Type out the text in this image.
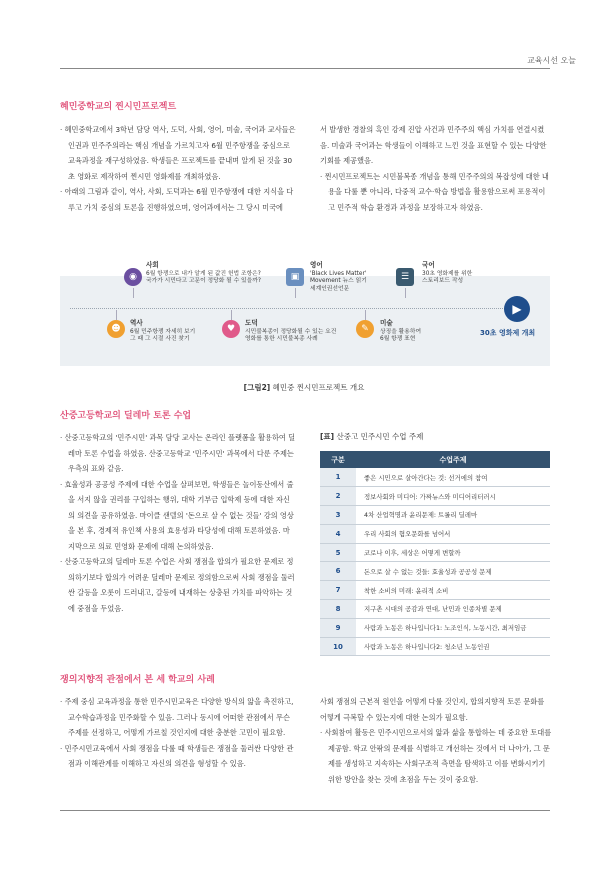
교육시선 오늘
혜민중학교의 찐시민프로젝트

· 혜민중학교에서 3학년 담당 역사, 도덕, 사회, 영어, 미술, 국어과 교사들은 인권과 민주주의라는 핵심 개념을 가르치고자 6월 민주항쟁을 중심으로 교육과정을 재구성하였음. 학생들은 프로젝트를 끝내며 알게 된 것을 30초 영화로 제작하여 찐시민 영화제를 개최하였음.

· 아래의 그림과 같이, 역사, 사회, 도덕과는 6월 민주항쟁에 대한 지식을 다루고 가치 중심의 토론을 진행하였으며, 영어과에서는 그 당시 미국에

서 발생한 경찰의 흑인 강제 진압 사건과 민주주의 핵심 가치를 연결시켰음. 미술과 국어과는 학생들이 이해하고 느낀 것을 표현할 수 있는 다양한 기회를 제공했음.

· 찐시민프로젝트는 시민불복종 개념을 통해 민주주의의 복잡성에 대한 내용을 다룰 뿐 아니라, 다중적 교수·학습 방법을 활용함으로써 포용적이고 민주적 학습 환경과 과정을 보장하고자 하였음.

◉
사회
6월 항쟁으로 내가 알게 된 값진 헌법 조항은?
국가가 시민다고 고문이 정당화 될 수 있을까?
☻
역사
6월 민주항쟁 자세히 보기
그 때 그 시절 사진 찾기
♥
도덕
시민불복종이 정당화될 수 있는 요건
영화를 통한 시민불복종 사례
▣
영어
'Black Lives Matter'
Movement 뉴스 읽기
세계인권선언문
✎
미술
상징을 활용하여
6월 항쟁 표현
☰
국어
30초 영화제를 위한
스토리보드 작성
▶
30초 영화제 개최
[그림2] 혜민중 찐시민프로젝트 개요
산중고등학교의 딜레마 토론 수업

· 산중고등학교의 '민주시민' 과목 담당 교사는 온라인 플랫폼을 활용하여 딜레마 토론 수업을 하였음. 산중고등학교 '민주시민' 과목에서 다룬 주제는 우측의 표와 같음.

· 효율성과 공공성 주제에 대한 수업을 살펴보면, 학생들은 놀이동산에서 줄을 서지 않을 권리를 구입하는 행위, 대학 기부금 입학제 등에 대한 자신의 의견을 공유하였음. 마이클 샌델의 '돈으로 살 수 없는 것들' 강의 영상을 본 후, 경제적 유인책 사용의 효용성과 타당성에 대해 토론하였음. 마지막으로 의료 민영화 문제에 대해 논의하였음.

· 산중고등학교의 딜레마 토론 수업은 사회 쟁점을 합의가 필요한 문제로 정의하기보다 합의가 어려운 딜레마 문제로 정의함으로써 사회 쟁점을 둘러싼 갈등을 오롯이 드러내고, 갈등에 내재하는 상충된 가치를 파악하는 것에 중점을 두었음.

[표] 산중고 민주시민 수업 주제
구분	수업주제
1	좋은 시민으로 살아간다는 것: 선거에의 참여
2	정보사회와 미디어: 가짜뉴스와 미디어리터러시
3	4차 산업혁명과 윤리문제: 트롤리 딜레마
4	우리 사회의 혐오문화를 넘어서
5	코로나 이후, 세상은 어떻게 변할까
6	돈으로 살 수 없는 것들: 효율성과 공공성 문제
7	착한 소비의 미래: 윤리적 소비
8	지구촌 시대의 공감과 연대, 난민과 인종차별 문제
9	사람과 노동은 하나입니다1: 노조인식, 노동시간, 최저임금
10	사람과 노동은 하나입니다2: 청소년 노동인권
쟁의지향적 관점에서 본 세 학교의 사례

· 주제 중심 교육과정을 통한 민주시민교육은 다양한 방식의 앎을 촉진하고, 교수학습과정을 민주화할 수 있음. 그러나 동시에 어떠한 관점에서 무슨 주제를 선정하고, 어떻게 가르칠 것인지에 대한 충분한 고민이 필요함.

· 민주시민교육에서 사회 쟁점을 다룰 때 학생들은 쟁점을 둘러싼 다양한 관점과 이해관계를 이해하고 자신의 의견을 형성할 수 있음.

사회 쟁점의 근본적 원인을 어떻게 다룰 것인지, 합의지향적 토론 문화를 어떻게 극복할 수 있는지에 대한 논의가 필요함.

· 사회참여 활동은 민주시민으로서의 앎과 삶을 통합하는 데 중요한 토대를 제공함. 학교 안팎의 문제를 식별하고 개선하는 것에서 더 나아가, 그 문제를 생성하고 지속하는 사회구조적 측면을 탐색하고 이를 변화시키기 위한 방안을 찾는 것에 초점을 두는 것이 중요함.
